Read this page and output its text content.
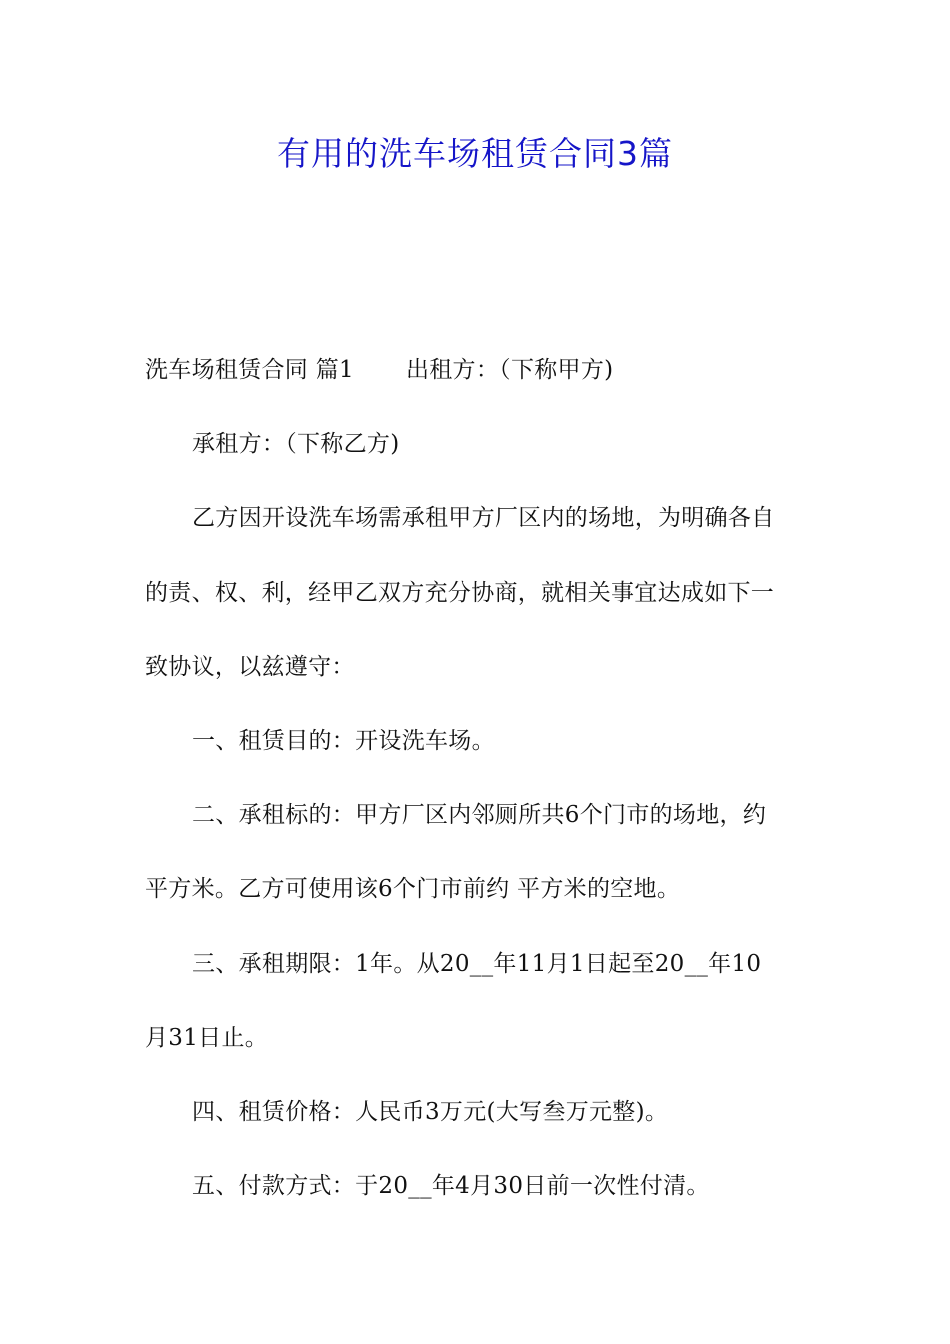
有用的洗车场租赁合同3篇

洗车场租赁合同 篇1 出租方：（下称甲方)

承租方：（下称乙方)

乙方因开设洗车场需承租甲方厂区内的场地，为明确各自

的责、权、利，经甲乙双方充分协商，就相关事宜达成如下一

致协议，以兹遵守：

一、租赁目的：开设洗车场。

二、承租标的：甲方厂区内邻厕所共6个门市的场地，约

平方米。乙方可使用该6个门市前约 平方米的空地。

三、承租期限：1年。从20__年11月1日起至20__年10

月31日止。

四、租赁价格：人民币3万元(大写叁万元整)。

五、付款方式：于20__年4月30日前一次性付清。
